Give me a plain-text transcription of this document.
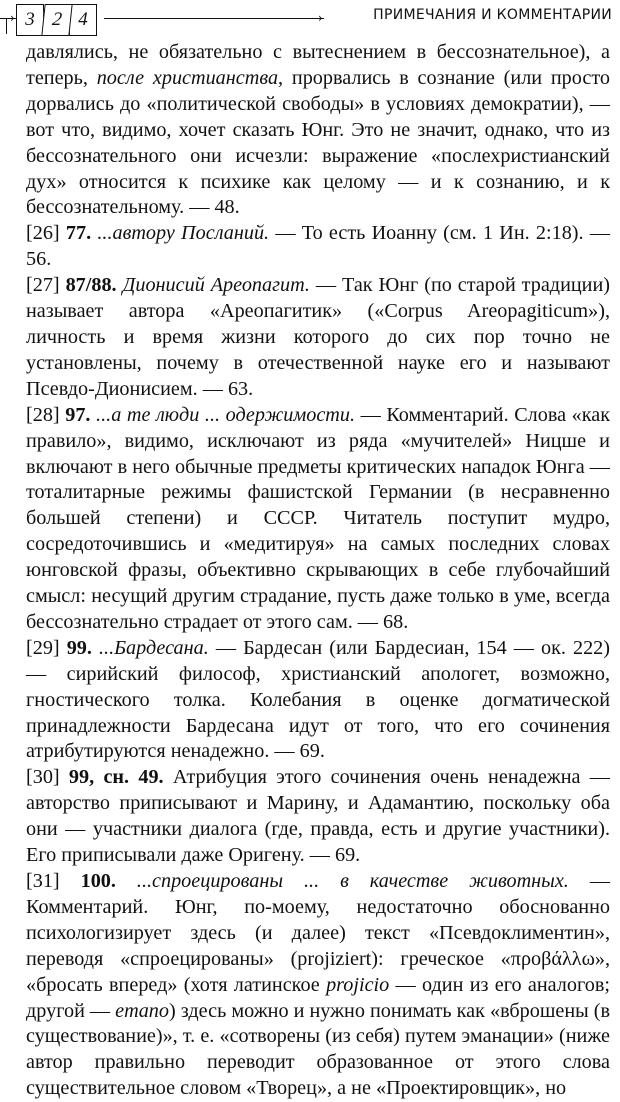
› 3 2 4	›	ПРИМЕЧАНИЯ И КОММЕНТАРИИ

давлялись, не обязательно с вытеснением в бессознательное), а теперь, после христианства, прорвались в сознание (или просто дорвались до «политической свободы» в условиях демократии), — вот что, видимо, хочет сказать Юнг. Это не значит, однако, что из бессознательного они исчезли: выражение «послехристианский дух» относится к психике как целому — и к сознанию, и к бессознательному. — 48.

[26] 77. ...автору Посланий. — То есть Иоанну (см. 1 Ин. 2:18). — 56.

[27] 87/88. Дионисий Ареопагит. — Так Юнг (по старой традиции) называет автора «Ареопагитик» («Corpus Areopagiticum»), личность и время жизни которого до сих пор точно не установлены, почему в отечественной науке его и называют Псевдо-Дионисием. — 63.

[28] 97. ...а те люди ... одержимости. — Комментарий. Слова «как правило», видимо, исключают из ряда «мучителей» Ницше и включают в него обычные предметы критических нападок Юнга — тоталитарные режимы фашистской Германии (в несравненно большей степени) и СССР. Читатель поступит мудро, сосредоточившись и «медитируя» на самых последних словах юнговской фразы, объективно скрывающих в себе глубочайший смысл: несущий другим страдание, пусть даже только в уме, всегда бессознательно страдает от этого сам. — 68.

[29] 99. ...Бардесана. — Бардесан (или Бардесиан, 154 — ок. 222) — сирийский философ, христианский апологет, возможно, гностического толка. Колебания в оценке догматической принадлежности Бардесана идут от того, что его сочинения атрибутируются ненадежно. — 69.

[30] 99, сн. 49. Атрибуция этого сочинения очень ненадежна — авторство приписывают и Марину, и Адамантию, поскольку оба они — участники диалога (где, правда, есть и другие участники). Его приписывали даже Оригену. — 69.

[31] 100. ...спроецированы ... в качестве животных. — Комментарий. Юнг, по-моему, недостаточно обоснованно психологизирует здесь (и далее) текст «Псевдоклиментин», переводя «спроецированы» (projiziert): греческое «προβάλλω», «бросать вперед» (хотя латинское projicio — один из его аналогов; другой — emano) здесь можно и нужно понимать как «вброшены (в существование)», т. е. «сотворены (из себя) путем эманации» (ниже автор правильно переводит образованное от этого слова существительное словом «Творец», а не «Проектировщик», но
